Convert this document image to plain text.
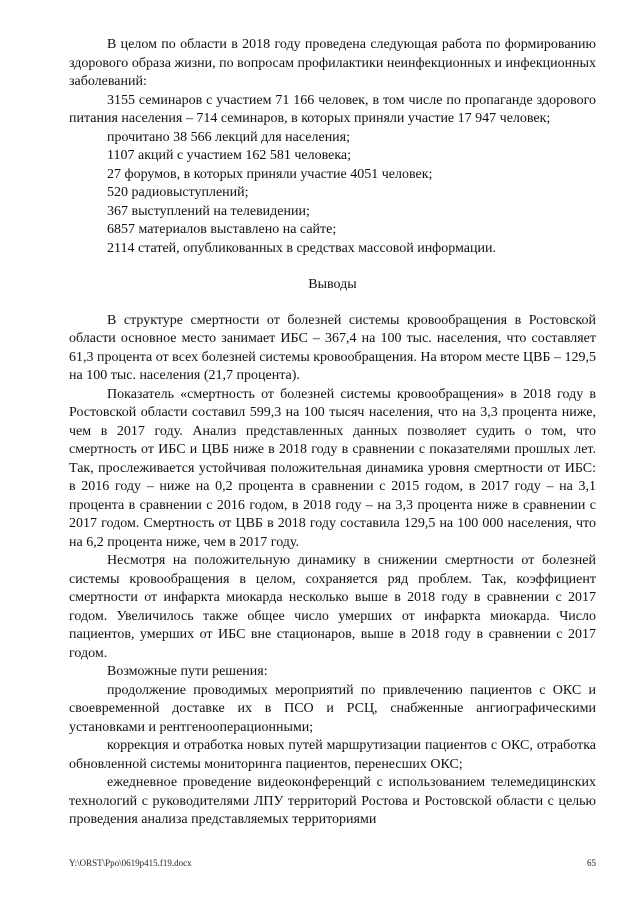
В целом по области в 2018 году проведена следующая работа по формированию здорового образа жизни, по вопросам профилактики неинфекционных и инфекционных заболеваний:

3155 семинаров с участием 71 166 человек, в том числе по пропаганде здорового питания населения – 714 семинаров, в которых приняли участие 17 947 человек;

прочитано 38 566 лекций для населения;
1107 акций с участием 162 581 человека;
27 форумов, в которых приняли участие 4051 человек;
520 радиовыступлений;
367 выступлений на телевидении;
6857 материалов выставлено на сайте;
2114 статей, опубликованных в средствах массовой информации.
Выводы

В структуре смертности от болезней системы кровообращения в Ростовской области основное место занимает ИБС – 367,4 на 100 тыс. населения, что составляет 61,3 процента от всех болезней системы кровообращения. На втором месте ЦВБ – 129,5 на 100 тыс. населения (21,7 процента).

Показатель «смертность от болезней системы кровообращения» в 2018 году в Ростовской области составил 599,3 на 100 тысяч населения, что на 3,3 процента ниже, чем в 2017 году. Анализ представленных данных позволяет судить о том, что смертность от ИБС и ЦВБ ниже в 2018 году в сравнении с показателями прошлых лет. Так, прослеживается устойчивая положительная динамика уровня смертности от ИБС: в 2016 году – ниже на 0,2 процента в сравнении с 2015 годом, в 2017 году – на 3,1 процента в сравнении с 2016 годом, в 2018 году – на 3,3 процента ниже в сравнении с 2017 годом. Смертность от ЦВБ в 2018 году составила 129,5 на 100 000 населения, что на 6,2 процента ниже, чем в 2017 году.

Несмотря на положительную динамику в снижении смертности от болезней системы кровообращения в целом, сохраняется ряд проблем. Так, коэффициент смертности от инфаркта миокарда несколько выше в 2018 году в сравнении с 2017 годом. Увеличилось также общее число умерших от инфаркта миокарда. Число пациентов, умерших от ИБС вне стационаров, выше в 2018 году в сравнении с 2017 годом.

Возможные пути решения:

продолжение проводимых мероприятий по привлечению пациентов с ОКС и своевременной доставке их в ПСО и РСЦ, снабженные ангиографическими установками и рентгенооперационными;
коррекция и отработка новых путей маршрутизации пациентов с ОКС, отработка обновленной системы мониторинга пациентов, перенесших ОКС;
ежедневное проведение видеоконференций с использованием телемедицинских технологий с руководителями ЛПУ территорий Ростова и Ростовской области с целью проведения анализа представляемых территориями
Y:\ORST\Ppo\0619p415.f19.docx	65
